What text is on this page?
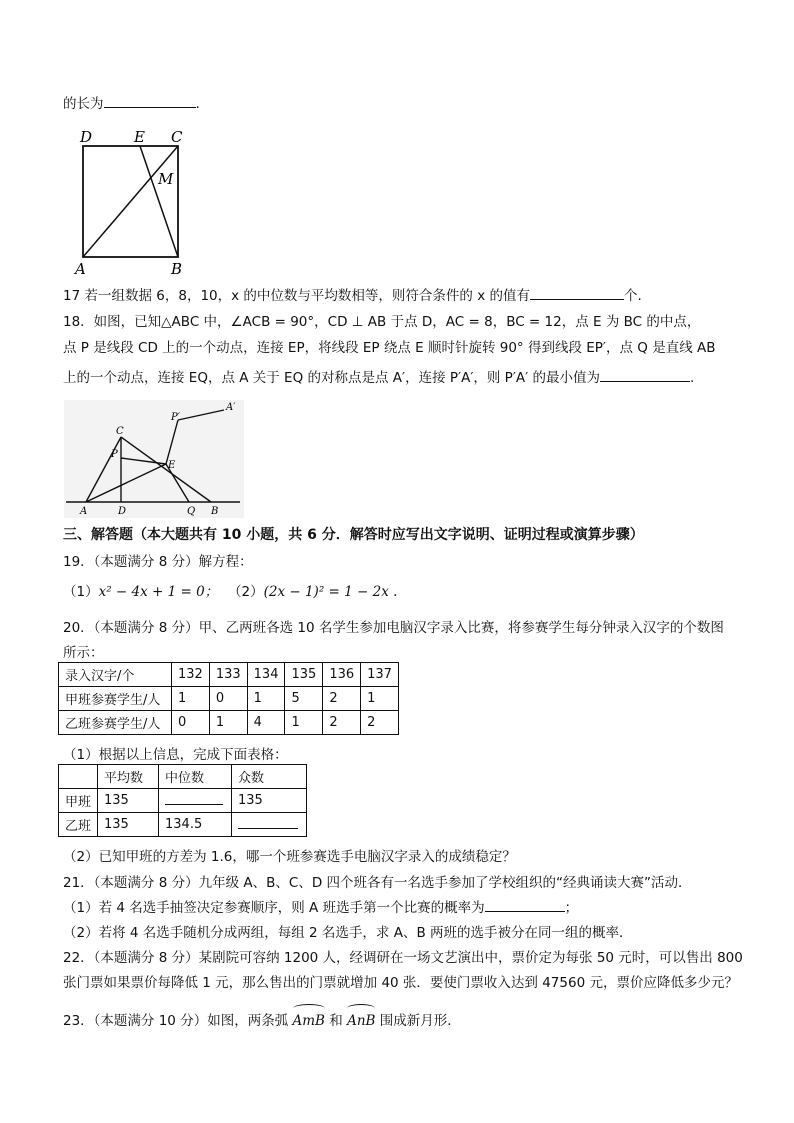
的长为	.
D	E C
M
A	B
17 若一组数据 6，8，10，x 的中位数与平均数相等，则符合条件的 x 的值有	个.
18．如图，已知△ABC 中，∠ACB = 90°，CD ⊥ AB 于点 D，AC = 8，BC = 12，点 E 为 BC 的中点，
点 P 是线段 CD 上的一个动点，连接 EP，将线段 EP 绕点 E 顺时针旋转 90° 得到线段 EP′，点 Q 是直线 AB
上的一个动点，连接 EQ，点 A 关于 EQ 的对称点是点 A′，连接 P′A′，则 P′A′ 的最小值为	.
C
P
E
A	D	Q B
P′
A′
三、解答题（本大题共有 10 小题，共 6 分．解答时应写出文字说明、证明过程或演算步骤）
19．（本题满分 8 分）解方程：
（1）x² − 4x + 1 = 0； （2）(2x − 1)² = 1 − 2x .
20．（本题满分 8 分）甲、乙两班各选 10 名学生参加电脑汉字录入比赛，将参赛学生每分钟录入汉字的个数图
所示：
录入汉字/个	132	133	134	135	136	137
甲班参赛学生/人	1	0	1	5	2	1
乙班参赛学生/人	0	1	4	1	2	2
（1）根据以上信息，完成下面表格：
	平均数	中位数	众数
甲班	135		135
乙班	135	134.5	
（2）已知甲班的方差为 1.6，哪一个班参赛选手电脑汉字录入的成绩稳定？
21．（本题满分 8 分）九年级 A、B、C、D 四个班各有一名选手参加了学校组织的“经典诵读大赛”活动．
（1）若 4 名选手抽签决定参赛顺序，则 A 班选手第一个比赛的概率为	；
（2）若将 4 名选手随机分成两组，每组 2 名选手，求 A、B 两班的选手被分在同一组的概率．
22．（本题满分 8 分）某剧院可容纳 1200 人，经调研在一场文艺演出中，票价定为每张 50 元时，可以售出 800
张门票如果票价每降低 1 元，那么售出的门票就增加 40 张．要使门票收入达到 47560 元，票价应降低多少元？
23．（本题满分 10 分）如图，两条弧 AmB 和 AnB 围成新月形．
